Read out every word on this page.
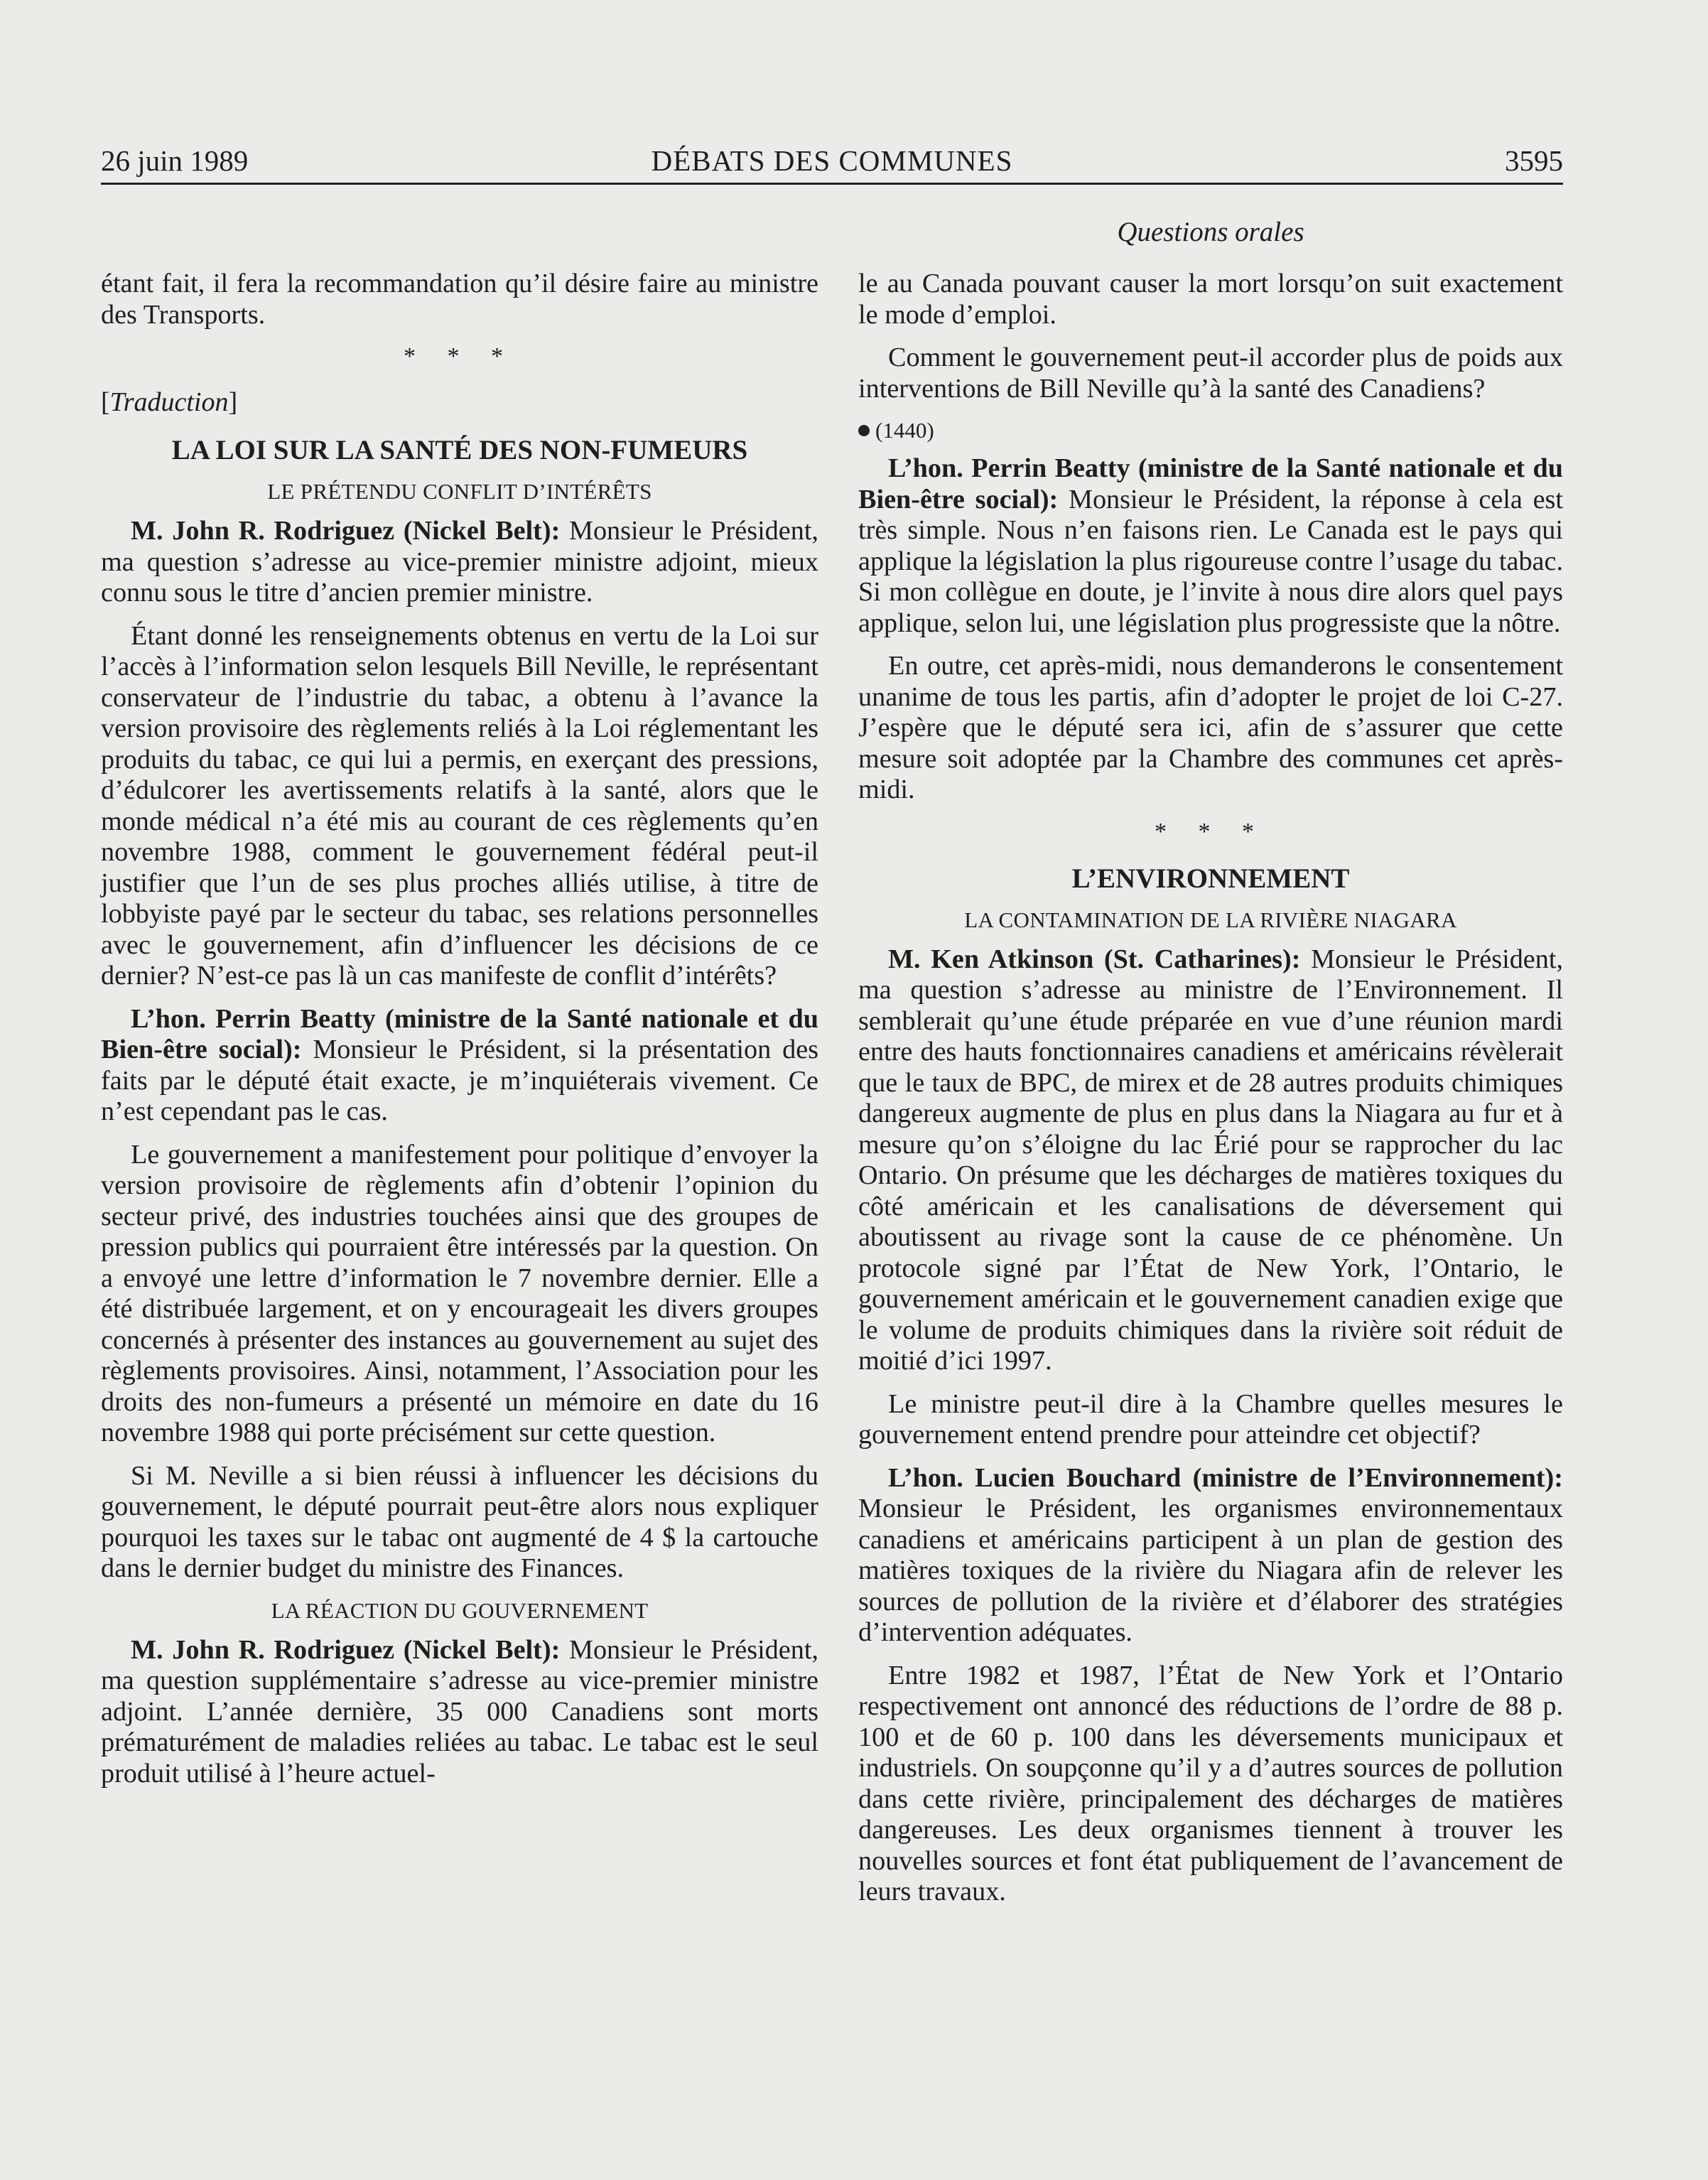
26 juin 1989	DÉBATS DES COMMUNES	3595
Questions orales

étant fait, il fera la recommandation qu’il désire faire au ministre des Transports.

* * *
[Traduction]
LA LOI SUR LA SANTÉ DES NON-FUMEURS
LE PRÉTENDU CONFLIT D’INTÉRÊTS

M. John R. Rodriguez (Nickel Belt): Monsieur le Président, ma question s’adresse au vice-premier ministre adjoint, mieux connu sous le titre d’ancien premier ministre.

Étant donné les renseignements obtenus en vertu de la Loi sur l’accès à l’information selon lesquels Bill Neville, le représentant conservateur de l’industrie du tabac, a obtenu à l’avance la version provisoire des règlements reliés à la Loi réglementant les produits du tabac, ce qui lui a permis, en exerçant des pressions, d’édulcorer les avertissements relatifs à la santé, alors que le monde médical n’a été mis au courant de ces règlements qu’en novembre 1988, comment le gouvernement fédéral peut-il justifier que l’un de ses plus proches alliés utilise, à titre de lobbyiste payé par le secteur du tabac, ses relations personnelles avec le gouvernement, afin d’influencer les décisions de ce dernier? N’est-ce pas là un cas manifeste de conflit d’intérêts?

L’hon. Perrin Beatty (ministre de la Santé nationale et du Bien-être social): Monsieur le Président, si la présentation des faits par le député était exacte, je m’inquiéterais vivement. Ce n’est cependant pas le cas.

Le gouvernement a manifestement pour politique d’envoyer la version provisoire de règlements afin d’obtenir l’opinion du secteur privé, des industries touchées ainsi que des groupes de pression publics qui pourraient être intéressés par la question. On a envoyé une lettre d’information le 7 novembre dernier. Elle a été distribuée largement, et on y encourageait les divers groupes concernés à présenter des instances au gouvernement au sujet des règlements provisoires. Ainsi, notamment, l’Association pour les droits des non-fumeurs a présenté un mémoire en date du 16 novembre 1988 qui porte précisément sur cette question.

Si M. Neville a si bien réussi à influencer les décisions du gouvernement, le député pourrait peut-être alors nous expliquer pourquoi les taxes sur le tabac ont augmenté de 4 $ la cartouche dans le dernier budget du ministre des Finances.

LA RÉACTION DU GOUVERNEMENT

M. John R. Rodriguez (Nickel Belt): Monsieur le Président, ma question supplémentaire s’adresse au vice-premier ministre adjoint. L’année dernière, 35 000 Canadiens sont morts prématurément de maladies reliées au tabac. Le tabac est le seul produit utilisé à l’heure actuel-

le au Canada pouvant causer la mort lorsqu’on suit exactement le mode d’emploi.

Comment le gouvernement peut-il accorder plus de poids aux interventions de Bill Neville qu’à la santé des Canadiens?

(1440)

L’hon. Perrin Beatty (ministre de la Santé nationale et du Bien-être social): Monsieur le Président, la réponse à cela est très simple. Nous n’en faisons rien. Le Canada est le pays qui applique la législation la plus rigoureuse contre l’usage du tabac. Si mon collègue en doute, je l’invite à nous dire alors quel pays applique, selon lui, une législation plus progressiste que la nôtre.

En outre, cet après-midi, nous demanderons le consentement unanime de tous les partis, afin d’adopter le projet de loi C-27. J’espère que le député sera ici, afin de s’assurer que cette mesure soit adoptée par la Chambre des communes cet après-midi.

* * *
L’ENVIRONNEMENT
LA CONTAMINATION DE LA RIVIÈRE NIAGARA

M. Ken Atkinson (St. Catharines): Monsieur le Président, ma question s’adresse au ministre de l’Environnement. Il semblerait qu’une étude préparée en vue d’une réunion mardi entre des hauts fonctionnaires canadiens et américains révèlerait que le taux de BPC, de mirex et de 28 autres produits chimiques dangereux augmente de plus en plus dans la Niagara au fur et à mesure qu’on s’éloigne du lac Érié pour se rapprocher du lac Ontario. On présume que les décharges de matières toxiques du côté américain et les canalisations de déversement qui aboutissent au rivage sont la cause de ce phénomène. Un protocole signé par l’État de New York, l’Ontario, le gouvernement américain et le gouvernement canadien exige que le volume de produits chimiques dans la rivière soit réduit de moitié d’ici 1997.

Le ministre peut-il dire à la Chambre quelles mesures le gouvernement entend prendre pour atteindre cet objectif?

L’hon. Lucien Bouchard (ministre de l’Environnement): Monsieur le Président, les organismes environnementaux canadiens et américains participent à un plan de gestion des matières toxiques de la rivière du Niagara afin de relever les sources de pollution de la rivière et d’élaborer des stratégies d’intervention adéquates.

Entre 1982 et 1987, l’État de New York et l’Ontario respectivement ont annoncé des réductions de l’ordre de 88 p. 100 et de 60 p. 100 dans les déversements municipaux et industriels. On soupçonne qu’il y a d’autres sources de pollution dans cette rivière, principalement des décharges de matières dangereuses. Les deux organismes tiennent à trouver les nouvelles sources et font état publiquement de l’avancement de leurs travaux.
